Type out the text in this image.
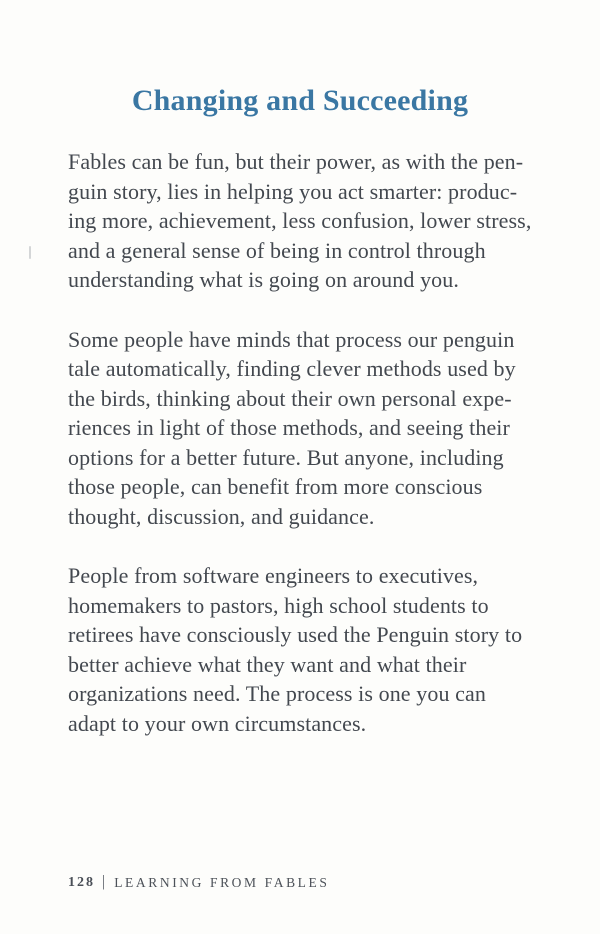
Changing and Succeeding

Fables can be fun, but their power, as with the pen-
guin story, lies in helping you act smarter: produc-
ing more, achievement, less confusion, lower stress,
and a general sense of being in control through
understanding what is going on around you.

Some people have minds that process our penguin
tale automatically, finding clever methods used by
the birds, thinking about their own personal expe-
riences in light of those methods, and seeing their
options for a better future. But anyone, including
those people, can benefit from more conscious
thought, discussion, and guidance.

People from software engineers to executives,
homemakers to pastors, high school students to
retirees have consciously used the Penguin story to
better achieve what they want and what their
organizations need. The process is one you can
adapt to your own circumstances.

128 | LEARNING FROM FABLES
